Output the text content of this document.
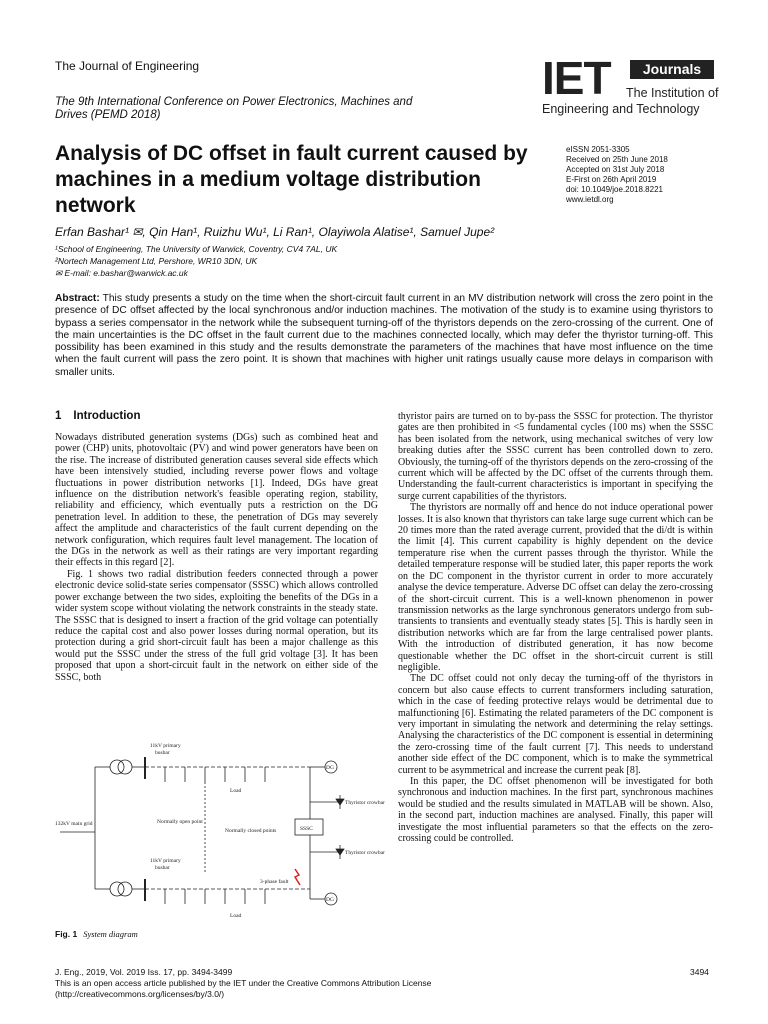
The Journal of Engineering
The 9th International Conference on Power Electronics, Machines and
Drives (PEMD 2018)
IET	Journals
The Institution of
Engineering and Technology
Analysis of DC offset in fault current caused by machines in a medium voltage distribution network
eISSN 2051-3305
Received on 25th June 2018
Accepted on 31st July 2018
E-First on 26th April 2019
doi: 10.1049/joe.2018.8221
www.ietdl.org
Erfan Bashar¹ ✉, Qin Han¹, Ruizhu Wu¹, Li Ran¹, Olayiwola Alatise¹, Samuel Jupe²
¹School of Engineering, The University of Warwick, Coventry, CV4 7AL, UK
²Nortech Management Ltd, Pershore, WR10 3DN, UK
✉ E-mail: e.bashar@warwick.ac.uk
Abstract: This study presents a study on the time when the short-circuit fault current in an MV distribution network will cross the zero point in the presence of DC offset affected by the local synchronous and/or induction machines. The motivation of the study is to examine using thyristors to bypass a series compensator in the network while the subsequent turning-off of the thyristors depends on the zero-crossing of the current. One of the main uncertainties is the DC offset in the fault current due to the machines connected locally, which may defer the thyristor turning-off. This possibility has been examined in this study and the results demonstrate the parameters of the machines that have most influence on the time when the fault current will pass the zero point. It is shown that machines with higher unit ratings usually cause more delays in comparison with smaller units.
1 Introduction

Nowadays distributed generation systems (DGs) such as combined heat and power (CHP) units, photovoltaic (PV) and wind power generators have been on the rise. The increase of distributed generation causes several side effects which have been intensively studied, including reverse power flows and voltage fluctuations in power distribution networks [1]. Indeed, DGs have great influence on the distribution network's feasible operating region, stability, reliability and efficiency, which eventually puts a restriction on the DG penetration level. In addition to these, the penetration of DGs may severely affect the amplitude and characteristics of the fault current depending on the network configuration, which requires fault level management. The location of the DGs in the network as well as their ratings are very important regarding their effects in this regard [2].

Fig. 1 shows two radial distribution feeders connected through a power electronic device solid-state series compensator (SSSC) which allows controlled power exchange between the two sides, exploiting the benefits of the DGs in a wider system scope without violating the network constraints in the steady state. The SSSC that is designed to insert a fraction of the grid voltage can potentially reduce the capital cost and also power losses during normal operation, but its protection during a grid short-circuit fault has been a major challenge as this would put the SSSC under the stress of the full grid voltage [3]. It has been proposed that upon a short-circuit fault in the network on either side of the SSSC, both

thyristor pairs are turned on to by-pass the SSSC for protection. The thyristor gates are then prohibited in <5 fundamental cycles (100 ms) when the SSSC has been isolated from the network, using mechanical switches of very low breaking duties after the SSSC current has been controlled down to zero. Obviously, the turning-off of the thyristors depends on the zero-crossing of the current which will be affected by the DC offset of the currents through them. Understanding the fault-current characteristics is important in specifying the surge current capabilities of the thyristors.

The thyristors are normally off and hence do not induce operational power losses. It is also known that thyristors can take large suge current which can be 20 times more than the rated average current, provided that the di/dt is within the limit [4]. This current capability is highly dependent on the device temperature rise when the current passes through the thyristor. While the detailed temperature response will be studied later, this paper reports the work on the DC component in the thyristor current in order to more accurately analyse the device temperature. Adverse DC offset can delay the zero-crossing of the short-circuit current. This is a well-known phenomenon in power transmission networks as the large synchronous generators undergo from sub-transients to transients and eventually steady states [5]. This is hardly seen in distribution networks which are far from the large centralised power plants. With the introduction of distributed generation, it has now become questionable whether the DC offset in the short-circuit current is still negligible.

The DC offset could not only decay the turning-off of the thyristors in concern but also cause effects to current transformers including saturation, which in the case of feeding protective relays would be detrimental due to malfunctioning [6]. Estimating the related parameters of the DC component is very important in simulating the network and determining the relay settings. Analysing the characteristics of the DC component is essential in determining the zero-crossing time of the fault current [7]. This needs to understand another side effect of the DC component, which is to make the symmetrical current to be asymmetrical and increase the current peak [8].

In this paper, the DC offset phenomenon will be investigated for both synchronous and induction machines. In the first part, synchronous machines would be studied and the results simulated in MATLAB will be shown. Also, in the second part, induction machines are analysed. Finally, this paper will investigate the most influential parameters so that the effects on the zero-crossing could be controlled.

11kV primary
busbar
132kV main grid	Normally open point
Normally closed points	SSSC
11kV primary
busbar
Load
Load
DG
DG
Thyristor crowbar
Thyristor crowbar
3-phase fault
Fig. 1 System diagram
J. Eng., 2019, Vol. 2019 Iss. 17, pp. 3494-3499	3494
This is an open access article published by the IET under the Creative Commons Attribution License
(http://creativecommons.org/licenses/by/3.0/)
